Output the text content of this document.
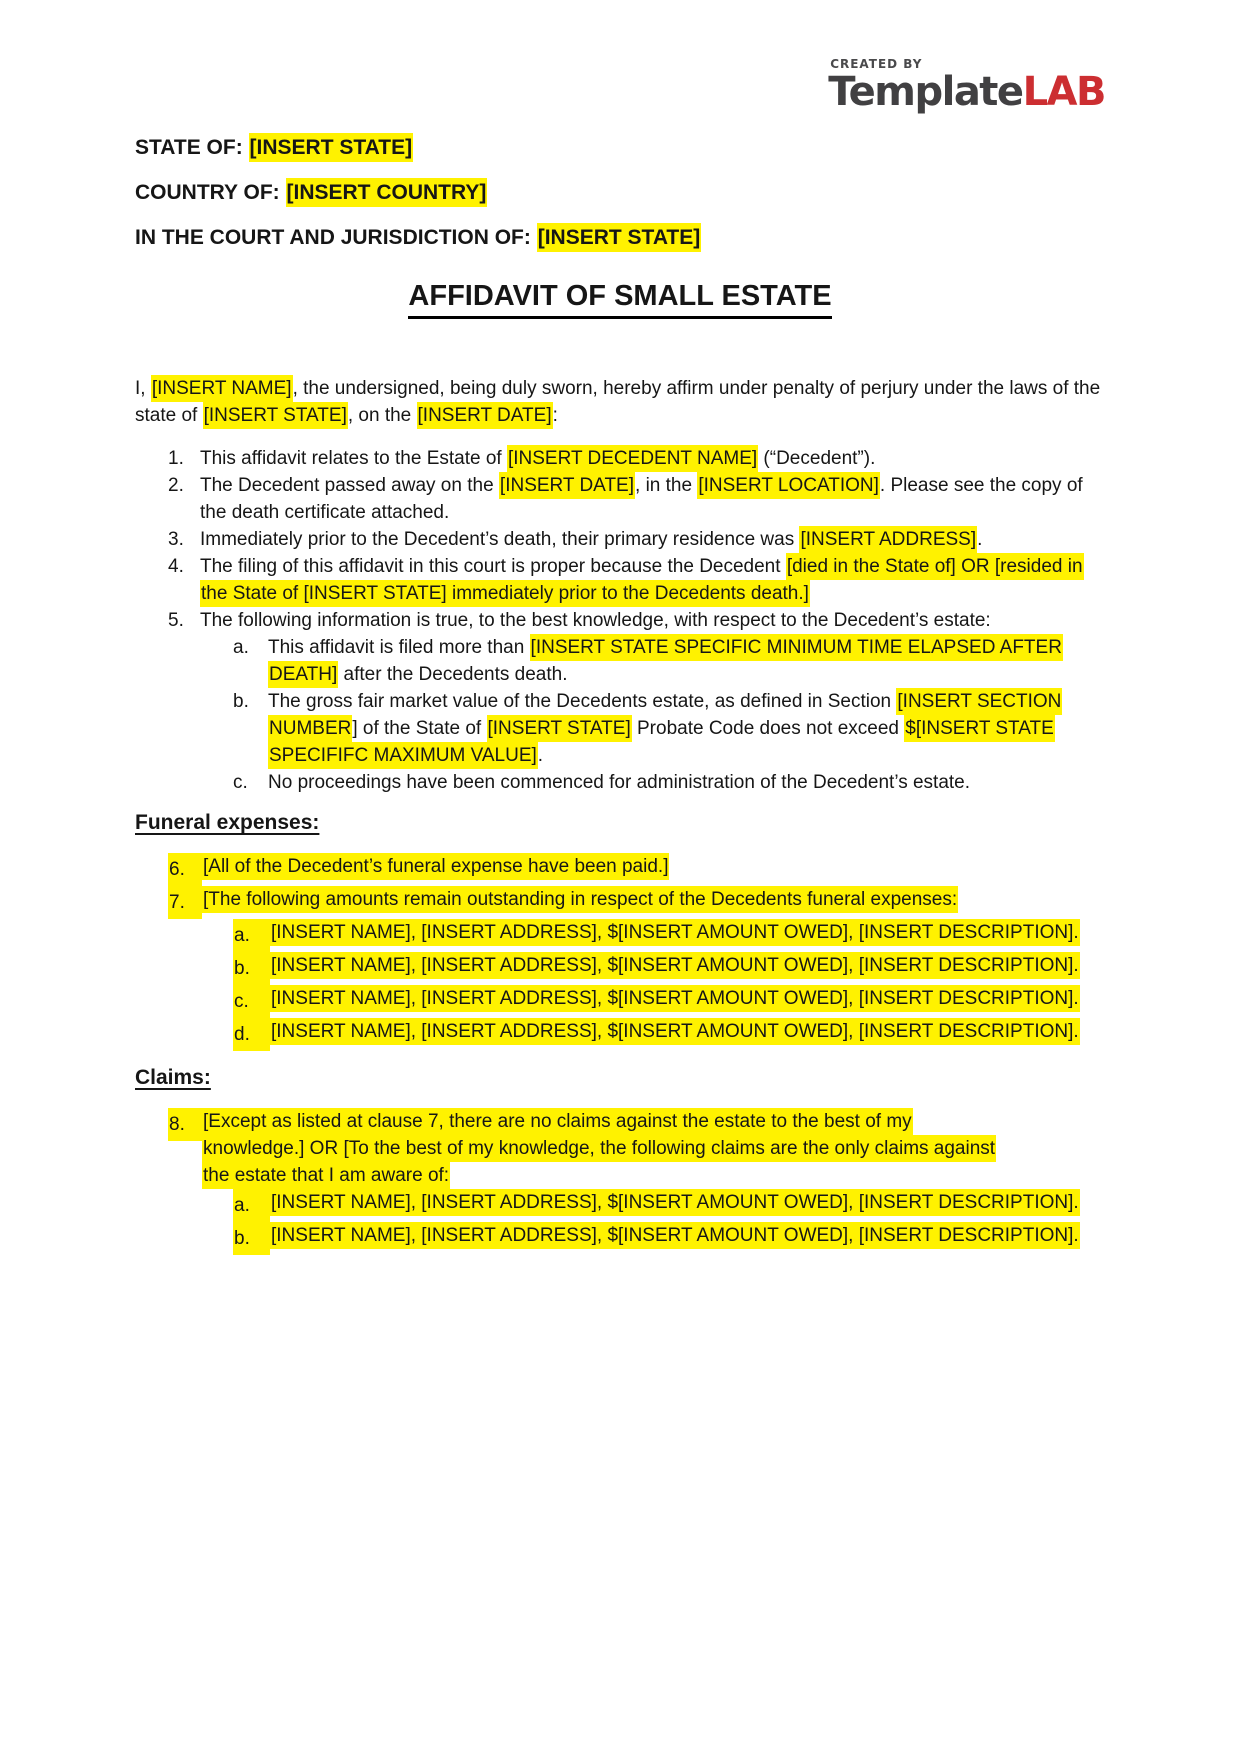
CREATED BY
TemplateLAB

STATE OF: [INSERT STATE]

COUNTRY OF: [INSERT COUNTRY]

IN THE COURT AND JURISDICTION OF: [INSERT STATE]

AFFIDAVIT OF SMALL ESTATE

I, [INSERT NAME], the undersigned, being duly sworn, hereby affirm under penalty of perjury under the laws of the state of [INSERT STATE], on the [INSERT DATE]:

1. This affidavit relates to the Estate of [INSERT DECEDENT NAME] (“Decedent”).

2. The Decedent passed away on the [INSERT DATE], in the [INSERT LOCATION]. Please see the copy of the death certificate attached.

3. Immediately prior to the Decedent’s death, their primary residence was [INSERT ADDRESS].

4. The filing of this affidavit in this court is proper because the Decedent [died in the State of] OR [resided in the State of [INSERT STATE] immediately prior to the Decedents death.]

5. The following information is true, to the best knowledge, with respect to the Decedent’s estate:

a.	This affidavit is filed more than [INSERT STATE SPECIFIC MINIMUM TIME ELAPSED AFTER DEATH] after the Decedents death.

b.	The gross fair market value of the Decedents estate, as defined in Section [INSERT SECTION NUMBER] of the State of [INSERT STATE] Probate Code does not exceed $[INSERT STATE SPECIFIFC MAXIMUM VALUE].

c.	No proceedings have been commenced for administration of the Decedent’s estate.

Funeral expenses:
6. [All of the Decedent’s funeral expense have been paid.]

7. [The following amounts remain outstanding in respect of the Decedents funeral expenses:

a.	[INSERT NAME], [INSERT ADDRESS], $[INSERT AMOUNT OWED], [INSERT DESCRIPTION].

b.	[INSERT NAME], [INSERT ADDRESS], $[INSERT AMOUNT OWED], [INSERT DESCRIPTION].

c.	[INSERT NAME], [INSERT ADDRESS], $[INSERT AMOUNT OWED], [INSERT DESCRIPTION].

d.	[INSERT NAME], [INSERT ADDRESS], $[INSERT AMOUNT OWED], [INSERT DESCRIPTION].

Claims:
8. [Except as listed at clause 7, there are no claims against the estate to the best of my knowledge.] OR [To the best of my knowledge, the following claims are the only claims against the estate that I am aware of:

a.	[INSERT NAME], [INSERT ADDRESS], $[INSERT AMOUNT OWED], [INSERT DESCRIPTION].

b.	[INSERT NAME], [INSERT ADDRESS], $[INSERT AMOUNT OWED], [INSERT DESCRIPTION].
